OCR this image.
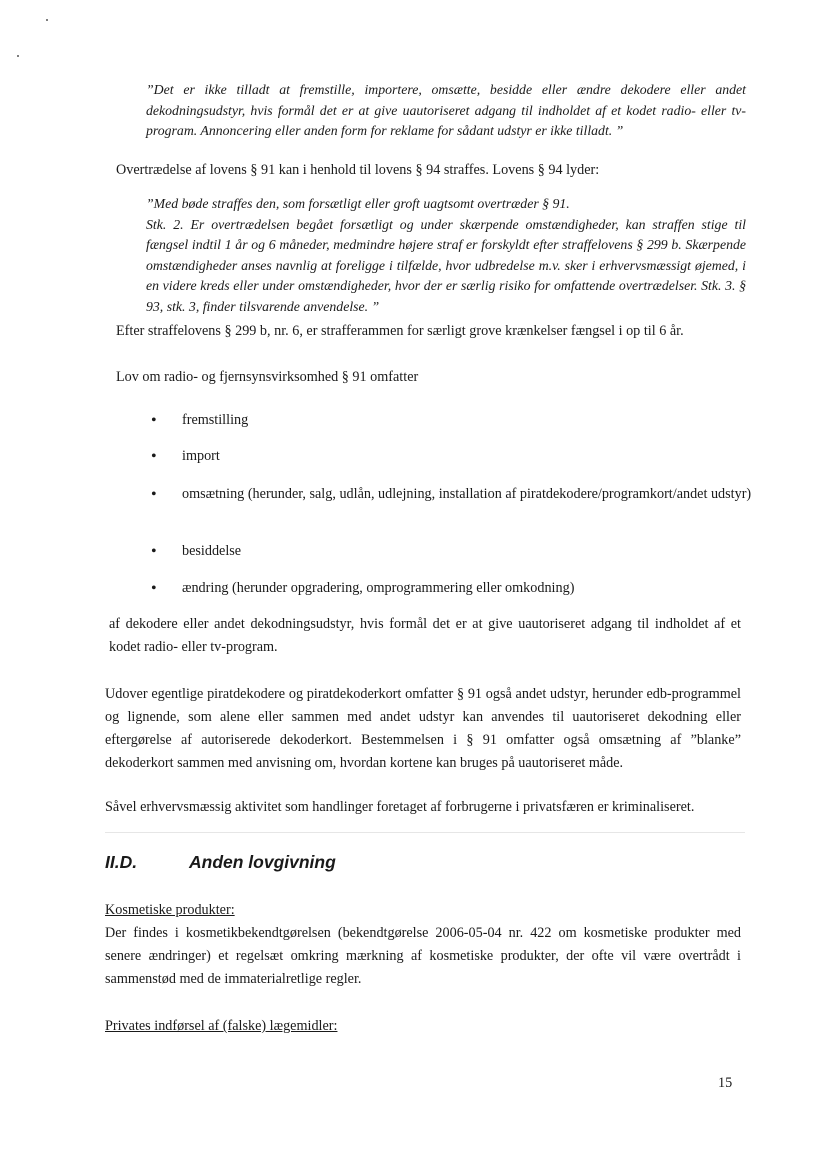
”Det er ikke tilladt at fremstille, importere, omsætte, besidde eller ændre dekodere eller andet dekodningsudstyr, hvis formål det er at give uautoriseret adgang til indholdet af et kodet radio- eller tv-program. Annoncering eller anden form for reklame for sådant udstyr er ikke tilladt. ”

Overtrædelse af lovens § 91 kan i henhold til lovens § 94 straffes. Lovens § 94 lyder:

”Med bøde straffes den, som forsætligt eller groft uagtsomt overtræder § 91.
Stk. 2. Er overtrædelsen begået forsætligt og under skærpende omstændigheder, kan straffen stige til fængsel indtil 1 år og 6 måneder, medmindre højere straf er forskyldt efter straffelovens § 299 b. Skærpende omstændigheder anses navnlig at foreligge i tilfælde, hvor udbredelse m.v. sker i erhvervsmæssigt øjemed, i en videre kreds eller under omstændigheder, hvor der er særlig risiko for omfattende overtrædelser. Stk. 3. § 93, stk. 3, finder tilsvarende anvendelse. ”

Efter straffelovens § 299 b, nr. 6, er strafferammen for særligt grove krænkelser fængsel i op til 6 år.

Lov om radio- og fjernsynsvirksomhed § 91 omfatter

• fremstilling
• import
• omsætning (herunder, salg, udlån, udlejning, installation af piratdekodere/programkort/andet udstyr)
• besiddelse
• ændring (herunder opgradering, omprogrammering eller omkodning)

af dekodere eller andet dekodningsudstyr, hvis formål det er at give uautoriseret adgang til indholdet af et kodet radio- eller tv-program.

Udover egentlige piratdekodere og piratdekoderkort omfatter § 91 også andet udstyr, herunder edb-programmel og lignende, som alene eller sammen med andet udstyr kan anvendes til uautoriseret dekodning eller eftergørelse af autoriserede dekoderkort. Bestemmelsen i § 91 omfatter også omsætning af ”blanke” dekoderkort sammen med anvisning om, hvordan kortene kan bruges på uautoriseret måde.

Såvel erhvervsmæssig aktivitet som handlinger foretaget af forbrugerne i privatsfæren er kriminaliseret.

II.D.	Anden lovgivning

Kosmetiske produkter:

Der findes i kosmetikbekendtgørelsen (bekendtgørelse 2006-05-04 nr. 422 om kosmetiske produkter med senere ændringer) et regelsæt omkring mærkning af kosmetiske produkter, der ofte vil være overtrådt i sammenstød med de immaterialretlige regler.

Privates indførsel af (falske) lægemidler:

15
